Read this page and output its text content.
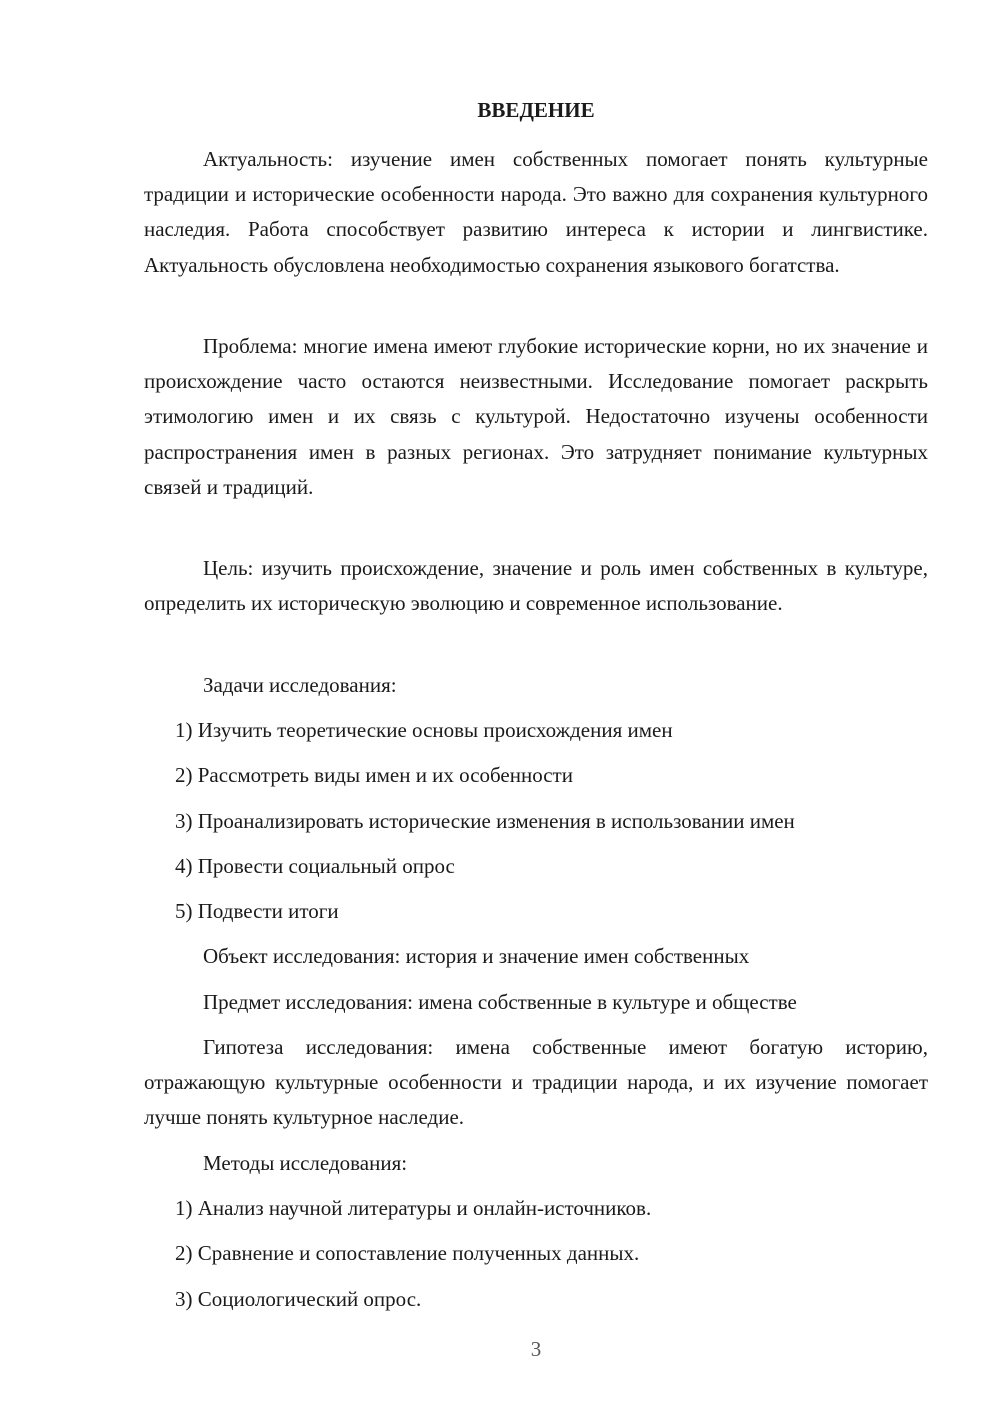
ВВЕДЕНИЕ

Актуальность: изучение имен собственных помогает понять культурные традиции и исторические особенности народа. Это важно для сохранения культурного наследия. Работа способствует развитию интереса к истории и лингвистике. Актуальность обусловлена необходимостью сохранения языкового богатства.

Проблема: многие имена имеют глубокие исторические корни, но их значение и происхождение часто остаются неизвестными. Исследование помогает раскрыть этимологию имен и их связь с культурой. Недостаточно изучены особенности распространения имен в разных регионах. Это затрудняет понимание культурных связей и традиций.

Цель: изучить происхождение, значение и роль имен собственных в культуре, определить их историческую эволюцию и современное использование.

Задачи исследования:
1) Изучить теоретические основы происхождения имен
2) Рассмотреть виды имен и их особенности
3) Проанализировать исторические изменения в использовании имен
4) Провести социальный опрос
5) Подвести итоги
Объект исследования: история и значение имен собственных
Предмет исследования: имена собственные в культуре и обществе

Гипотеза исследования: имена собственные имеют богатую историю, отражающую культурные особенности и традиции народа, и их изучение помогает лучше понять культурное наследие.

Методы исследования:
1) Анализ научной литературы и онлайн-источников.
2) Сравнение и сопоставление полученных данных.
3) Социологический опрос.
3
